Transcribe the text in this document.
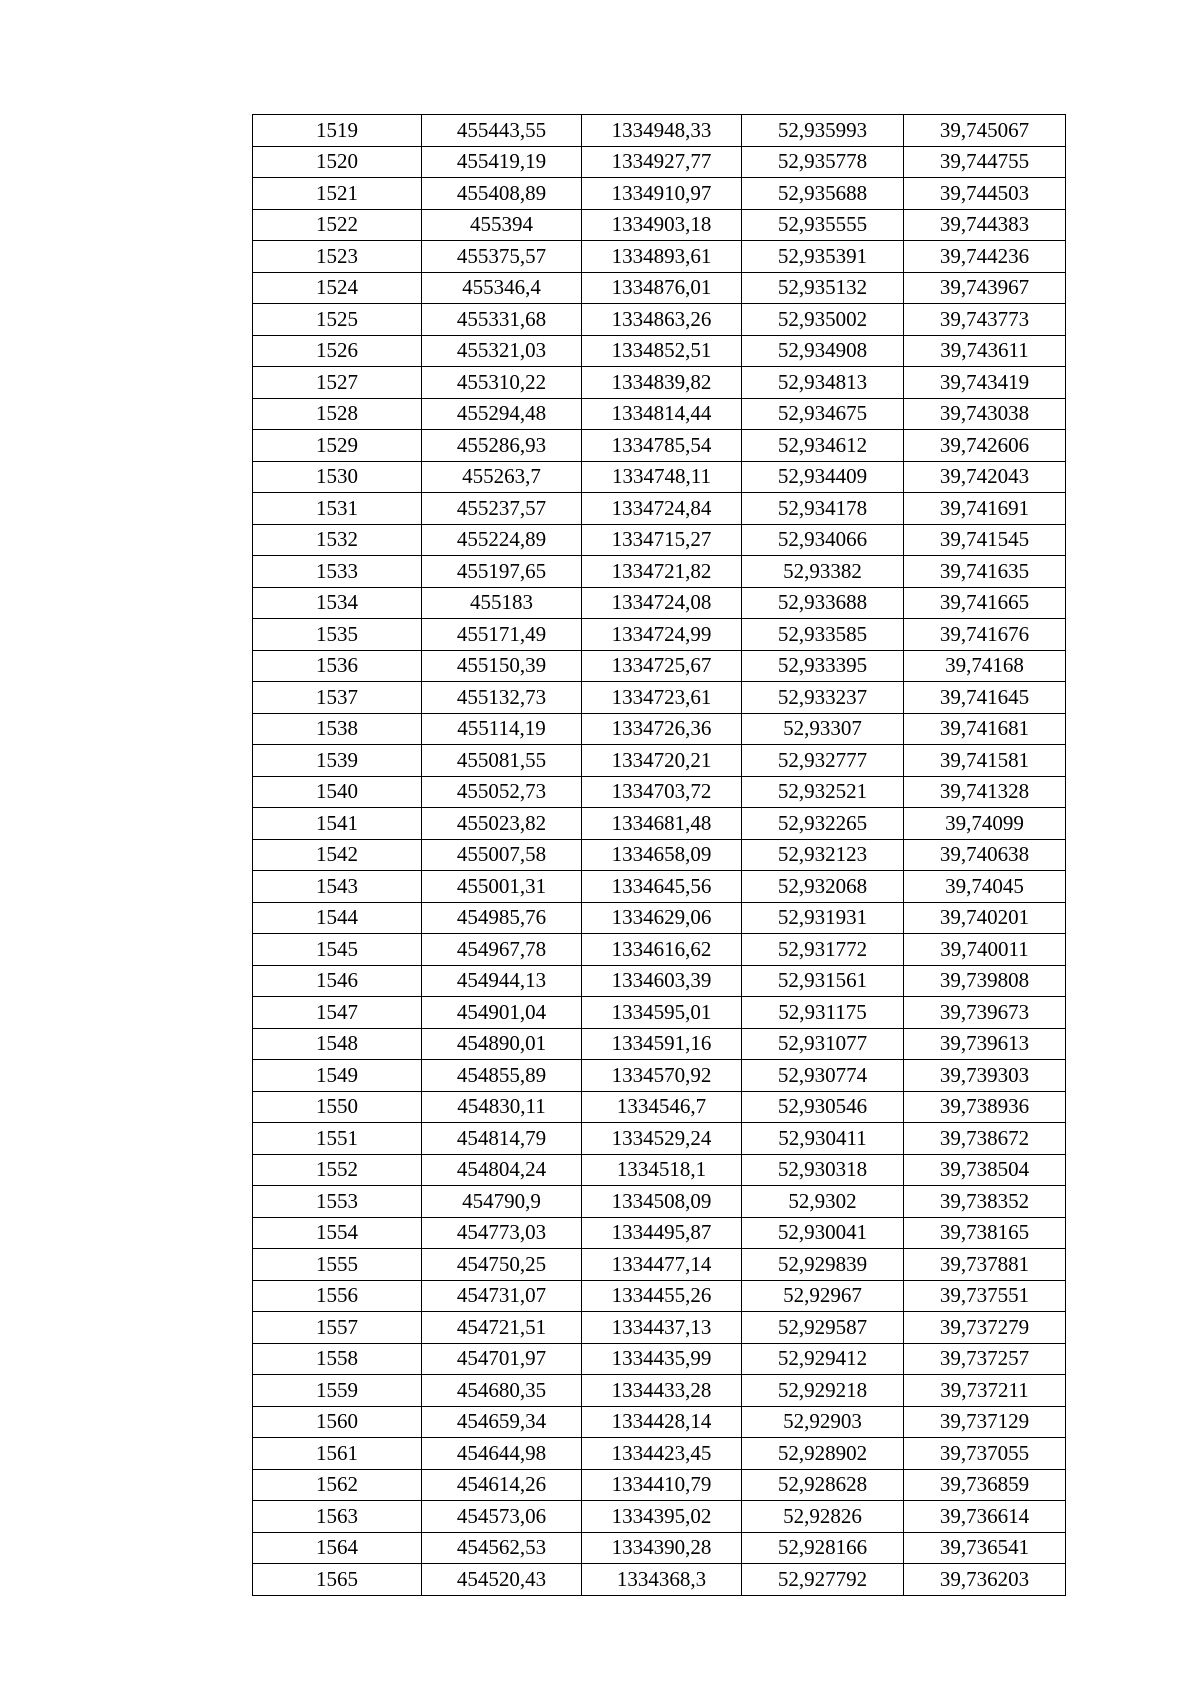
1519	455443,55	1334948,33	52,935993	39,745067
1520	455419,19	1334927,77	52,935778	39,744755
1521	455408,89	1334910,97	52,935688	39,744503
1522	455394	1334903,18	52,935555	39,744383
1523	455375,57	1334893,61	52,935391	39,744236
1524	455346,4	1334876,01	52,935132	39,743967
1525	455331,68	1334863,26	52,935002	39,743773
1526	455321,03	1334852,51	52,934908	39,743611
1527	455310,22	1334839,82	52,934813	39,743419
1528	455294,48	1334814,44	52,934675	39,743038
1529	455286,93	1334785,54	52,934612	39,742606
1530	455263,7	1334748,11	52,934409	39,742043
1531	455237,57	1334724,84	52,934178	39,741691
1532	455224,89	1334715,27	52,934066	39,741545
1533	455197,65	1334721,82	52,93382	39,741635
1534	455183	1334724,08	52,933688	39,741665
1535	455171,49	1334724,99	52,933585	39,741676
1536	455150,39	1334725,67	52,933395	39,74168
1537	455132,73	1334723,61	52,933237	39,741645
1538	455114,19	1334726,36	52,93307	39,741681
1539	455081,55	1334720,21	52,932777	39,741581
1540	455052,73	1334703,72	52,932521	39,741328
1541	455023,82	1334681,48	52,932265	39,74099
1542	455007,58	1334658,09	52,932123	39,740638
1543	455001,31	1334645,56	52,932068	39,74045
1544	454985,76	1334629,06	52,931931	39,740201
1545	454967,78	1334616,62	52,931772	39,740011
1546	454944,13	1334603,39	52,931561	39,739808
1547	454901,04	1334595,01	52,931175	39,739673
1548	454890,01	1334591,16	52,931077	39,739613
1549	454855,89	1334570,92	52,930774	39,739303
1550	454830,11	1334546,7	52,930546	39,738936
1551	454814,79	1334529,24	52,930411	39,738672
1552	454804,24	1334518,1	52,930318	39,738504
1553	454790,9	1334508,09	52,9302	39,738352
1554	454773,03	1334495,87	52,930041	39,738165
1555	454750,25	1334477,14	52,929839	39,737881
1556	454731,07	1334455,26	52,92967	39,737551
1557	454721,51	1334437,13	52,929587	39,737279
1558	454701,97	1334435,99	52,929412	39,737257
1559	454680,35	1334433,28	52,929218	39,737211
1560	454659,34	1334428,14	52,92903	39,737129
1561	454644,98	1334423,45	52,928902	39,737055
1562	454614,26	1334410,79	52,928628	39,736859
1563	454573,06	1334395,02	52,92826	39,736614
1564	454562,53	1334390,28	52,928166	39,736541
1565	454520,43	1334368,3	52,927792	39,736203
